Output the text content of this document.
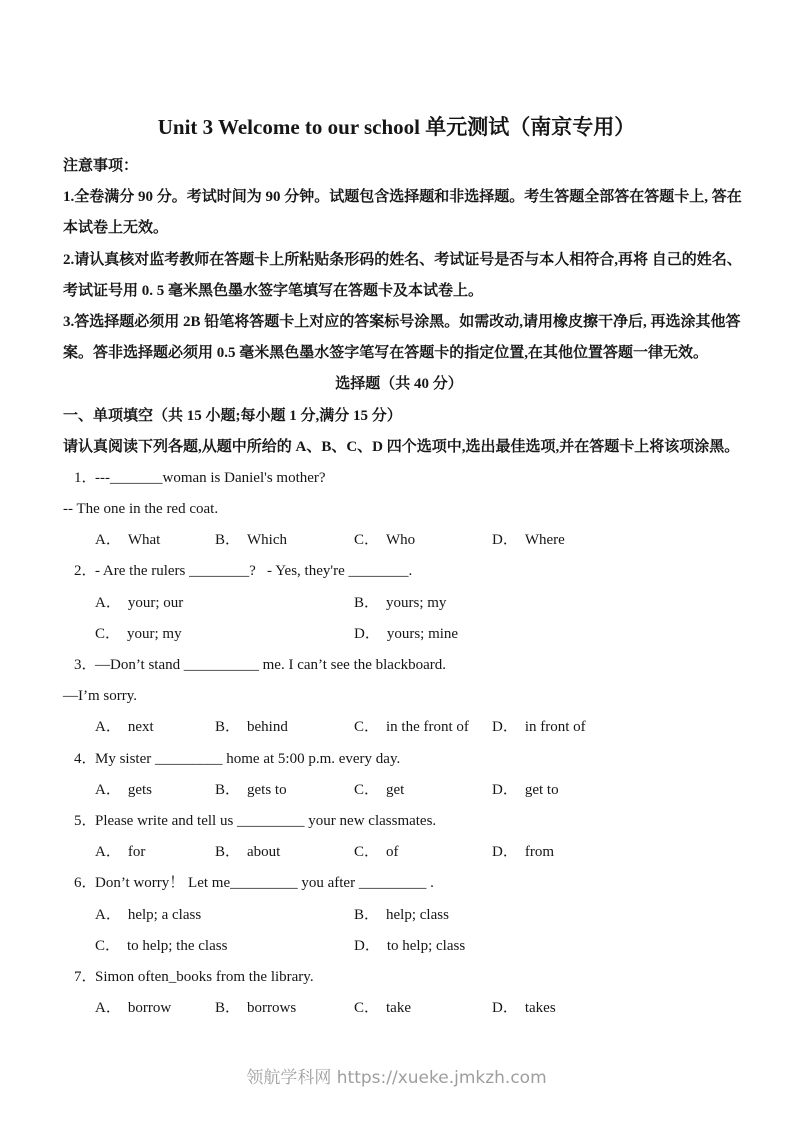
Unit 3 Welcome to our school 单元测试（南京专用）
注意事项：
1.全卷满分 90 分。考试时间为 90 分钟。试题包含选择题和非选择题。考生答题全部答在答题卡上, 答在
本试卷上无效。
2.请认真核对监考教师在答题卡上所粘贴条形码的姓名、考试证号是否与本人相符合,再将 自己的姓名、
考试证号用 0. 5 毫米黑色墨水签字笔填写在答题卡及本试卷上。
3.答选择题必须用 2B 铅笔将答题卡上对应的答案标号涂黑。如需改动,请用橡皮擦干净后, 再选涂其他答
案。答非选择题必须用 0.5 毫米黑色墨水签字笔写在答题卡的指定位置,在其他位置答题一律无效。
选择题（共 40 分）
一、单项填空（共 15 小题;每小题 1 分,满分 15 分）
请认真阅读下列各题,从题中所给的 A、B、C、D 四个选项中,选出最佳选项,并在答题卡上将该项涂黑。

1．

---_______woman is Daniel's mother?

-- The one in the red coat.

A． What

	B． Which

	C． Who

	D． Where

2．

- Are the rulers ________?   - Yes, they're ________.

A． your; our

	B． yours; my

C． your; my

	D． yours; mine

3．

—Don’t stand __________ me. I can’t see the blackboard.

—I’m sorry.

A． next

	B． behind

	C． in the front of

D． in front of

4．

My sister _________ home at 5:00 p.m. every day.

A． gets

	B． gets to

	C． get

	D． get to

5．

Please write and tell us _________ your new classmates.

A． for

	B． about

	C． of

	D． from

6．

Don’t worry！ Let me_________ you after _________ .

A． help; a class

	B． help; class

C． to help; the class

	D． to help; class

7．

Simon often_books from the library.

A． borrow

	B． borrows

	C． take

	D． takes

领航学科网 https://xueke.jmkzh.com
